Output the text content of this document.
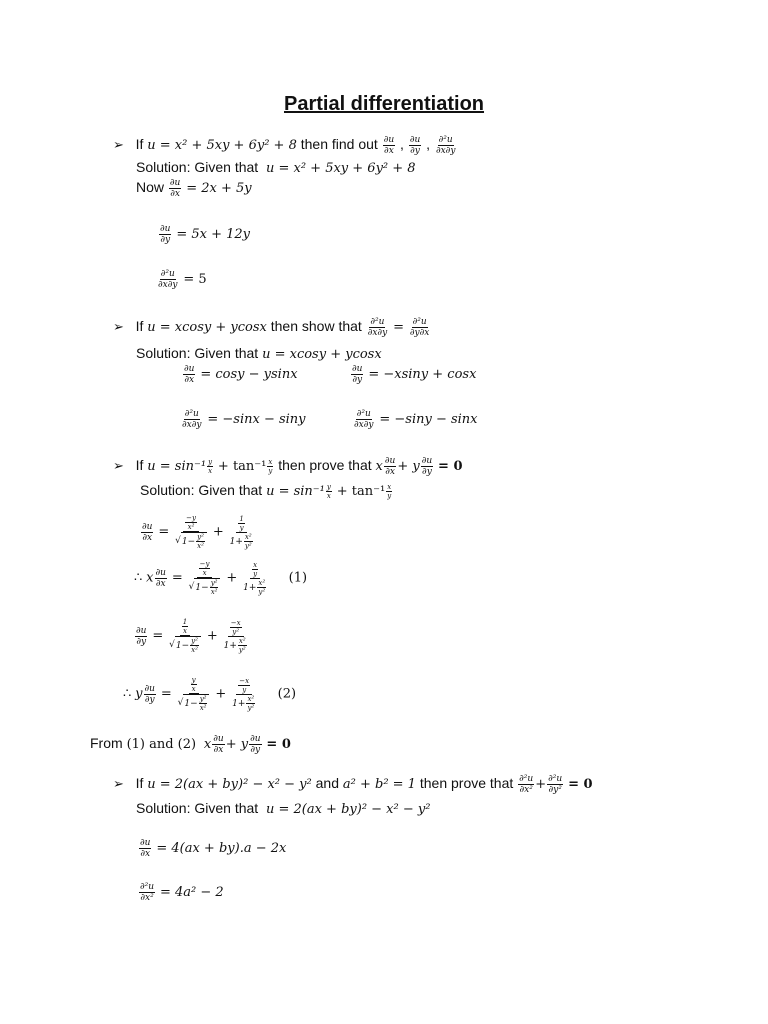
Partial differentiation
➢ If u = x² + 5xy + 6y² + 8 then find out $\frac{\partial u}{\partial x}$ , $\frac{\partial u}{\partial y}$ , $\frac{\text{∂²u}}{\partial x\partial y}$
Solution: Given that u = x² + 5xy + 6y² + 8
Now $\frac{\partial u}{\partial x} = 2x + 5y$
$\frac{\partial u}{\partial y} = 5x + 12y$
$\frac{\text{∂²u}}{\partial x\partial y} = 5$
➢ If u = xcosy + ycosx then show that $\frac{\text{∂²u}}{\partial x\partial y} = \frac{\text{∂²u}}{\partial y\partial x}$
Solution: Given that u = xcosy + ycosx
$\frac{\partial u}{\partial x} = \cos y - ysinx$	$\frac{\partial u}{\partial y} = -xsiny + \cos x$
$\frac{\text{∂²u}}{\partial x\partial y} = -\sin x - \sin y$	$\frac{\text{∂²u}}{\partial x\partial y} = -\sin y - \sin x$
➢ If $u = \sin^{-1} \frac{y}{x} + \tan^{-1} \frac{x}{y}$ then prove that x $\frac{\partial u}{\partial x} + y \frac{\partial u}{\partial y} = 0$
Solution: Given that $u = \sin^{-1} \frac{y}{x} + \tan^{-1} \frac{x}{y}$
$\frac{\partial u}{\partial x} = \frac{\frac{-y}{\text{x²}}}{√ 1- \frac{\text{y²}}{\text{x²}}} + \frac{\frac{1}{y}}{1+ \frac{\text{x²}}{\text{y²}}}$
∴ x $\frac{\partial u}{\partial x} = \frac{\frac{-y}{x}}{√ 1- \frac{\text{y²}}{\text{x²}}} + \frac{\frac{x}{y}}{1+ \frac{\text{x²}}{\text{y²}}} (1)$
$\frac{\partial u}{\partial y} = \frac{\frac{1}{x}}{√ 1- \frac{\text{y²}}{\text{x²}}} + \frac{\frac{-x}{\text{y²}}}{1+ \frac{\text{x²}}{\text{y²}}}$
∴ y $\frac{\partial u}{\partial y} = \frac{\frac{y}{x}}{√ 1- \frac{\text{y²}}{\text{x²}}} + \frac{\frac{-x}{y}}{1+ \frac{\text{x²}}{\text{y²}}} (2)$
From (1) and (2) x $\frac{\partial u}{\partial x} + y \frac{\partial u}{\partial y} = 0$
➢ If u = 2(ax + by)² − x² − y² and a² + b² = 1 then prove that $\frac{\text{∂²u}}{\text{∂x²}} + \frac{\text{∂²u}}{\text{∂y²}} = 0$
Solution: Given that u = 2(ax + by)² − x² − y²
$\frac{\partial u}{\partial x} = 4(ax + by).a - 2x$
$\frac{\text{∂²u}}{\text{∂x²}} = 4a^2 - 2$
